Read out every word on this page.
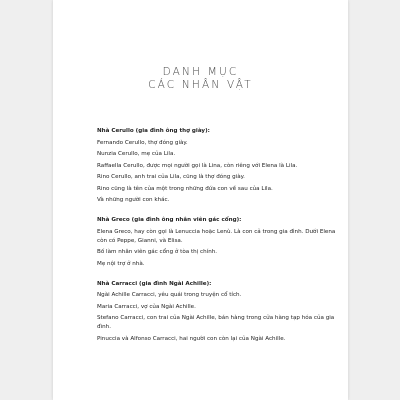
DANH MỤC
CÁC NHÂN VẬT
Nhà Cerullo (gia đình ông thợ giày):
Fernando Cerullo, thợ đóng giày.
Nunzia Cerullo, mẹ của Lila.
Raffaella Cerullo, được mọi người gọi là Lina, còn riêng với Elena là Lila.
Rino Cerullo, anh trai của Lila, cũng là thợ đóng giày.
Rino cũng là tên của một trong những đứa con về sau của Lila.
Và những người con khác.
Nhà Greco (gia đình ông nhân viên gác cổng):
Elena Greco, hay còn gọi là Lenuccia hoặc Lenù. Là con cả trong gia đình. Dưới Elena còn có Peppe, Gianni, và Elisa.
Bố làm nhân viên gác cổng ở tòa thị chính.
Mẹ nội trợ ở nhà.
Nhà Carracci (gia đình Ngài Achille):
Ngài Achille Carracci, yêu quái trong truyện cổ tích.
Maria Carracci, vợ của Ngài Achille.
Stefano Carracci, con trai của Ngài Achille, bán hàng trong cửa hàng tạp hóa của gia đình.
Pinuccia và Alfonso Carracci, hai người con còn lại của Ngài Achille.
